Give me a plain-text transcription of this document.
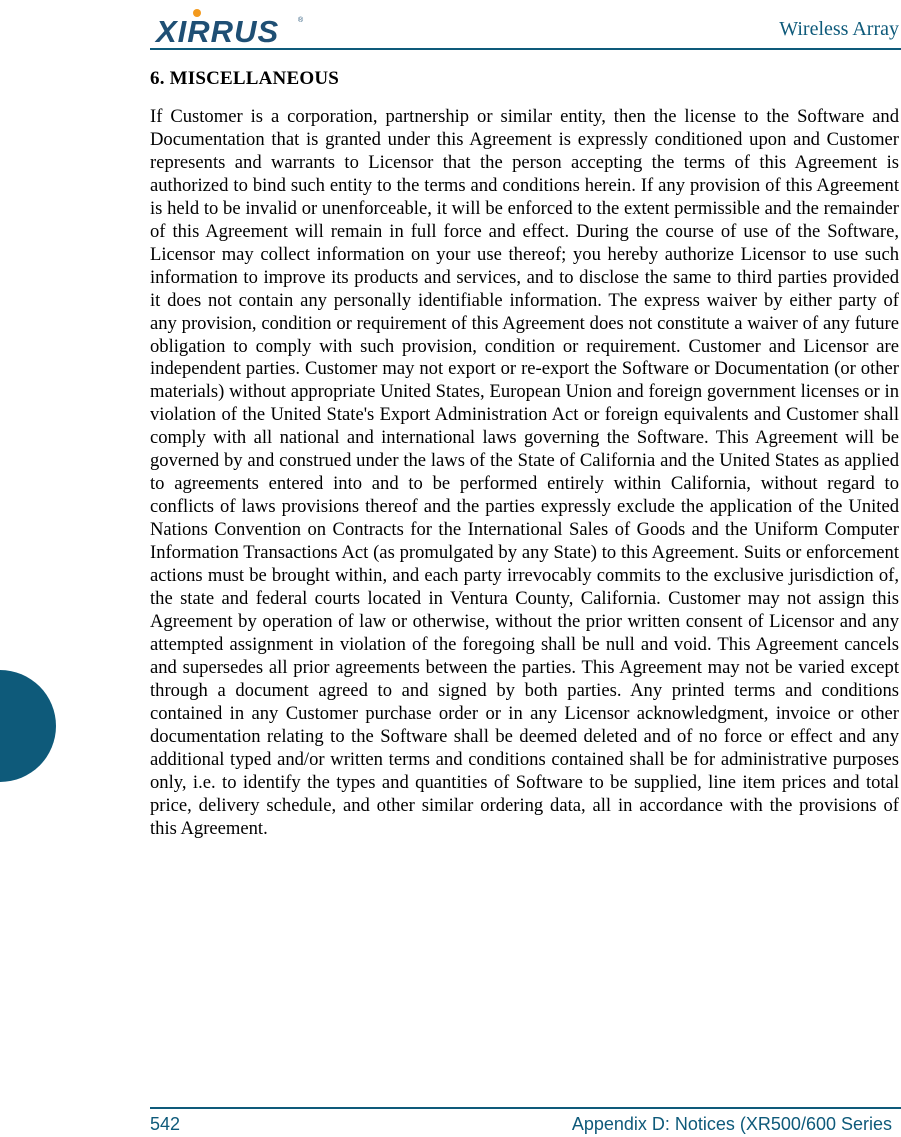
XIRRUS	®	Wireless Array
6. MISCELLANEOUS

If Customer is a corporation, partnership or similar entity, then the license to the Software and Documentation that is granted under this Agreement is expressly conditioned upon and Customer represents and warrants to Licensor that the person accepting the terms of this Agreement is authorized to bind such entity to the terms and conditions herein. If any provision of this Agreement is held to be invalid or unenforceable, it will be enforced to the extent permissible and the remainder of this Agreement will remain in full force and effect. During the course of use of the Software, Licensor may collect information on your use thereof; you hereby authorize Licensor to use such information to improve its products and services, and to disclose the same to third parties provided it does not contain any personally identifiable information. The express waiver by either party of any provision, condition or requirement of this Agreement does not constitute a waiver of any future obligation to comply with such provision, condition or requirement. Customer and Licensor are independent parties. Customer may not export or re-export the Software or Documentation (or other materials) without appropriate United States, European Union and foreign government licenses or in violation of the United State's Export Administration Act or foreign equivalents and Customer shall comply with all national and international laws governing the Software. This Agreement will be governed by and construed under the laws of the State of California and the United States as applied to agreements entered into and to be performed entirely within California, without regard to conflicts of laws provisions thereof and the parties expressly exclude the application of the United Nations Convention on Contracts for the International Sales of Goods and the Uniform Computer Information Transactions Act (as promulgated by any State) to this Agreement. Suits or enforcement actions must be brought within, and each party irrevocably commits to the exclusive jurisdiction of, the state and federal courts located in Ventura County, California. Customer may not assign this Agreement by operation of law or otherwise, without the prior written consent of Licensor and any attempted assignment in violation of the foregoing shall be null and void. This Agreement cancels and supersedes all prior agreements between the parties. This Agreement may not be varied except through a document agreed to and signed by both parties. Any printed terms and conditions contained in any Customer purchase order or in any Licensor acknowledgment, invoice or other documentation relating to the Software shall be deemed deleted and of no force or effect and any additional typed and/or written terms and conditions contained shall be for administrative purposes only, i.e. to identify the types and quantities of Software to be supplied, line item prices and total price, delivery schedule, and other similar ordering data, all in accordance with the provisions of this Agreement.

542	Appendix D: Notices (XR500/600 Series
